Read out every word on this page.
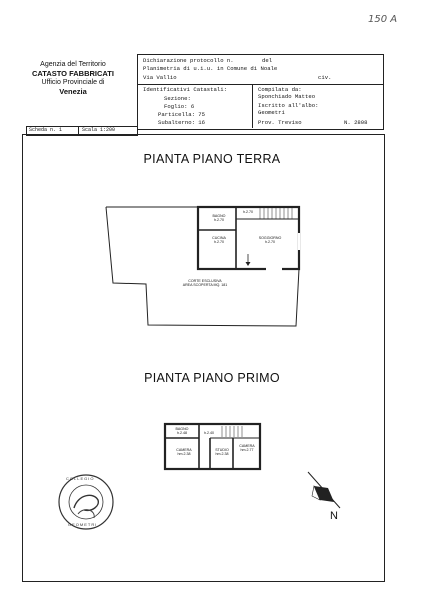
150 A
Agenzia del Territorio
CATASTO FABBRICATI
Ufficio Provinciale di
Venezia
Dichiarazione protocollo n.	del
Planimetria di u.i.u. in Comune di Noale
Via Vallio	civ.
Identificativi Catastali:
Sezione:
Foglio: 6
Particella: 75
Subalterno: 16
Compilata da:
Sponchiado Matteo
Iscritto all'albo:
Geometri
Prov. Treviso	N. 2808
Scheda n. 1	Scala 1:200
PIANTA PIANO TERRA
PIANTA PIANO PRIMO
BAGNO
h.2.70
h.2.70
CUCINA
h.2.70
SOGGIORNO
h.2.70
CORTE ESCLUSIVA
AREA SCOPERTA MQ. 181
BAGNO
h.2.48	h.2.40
CAMERA
hm.2.38
STUDIO
hm.2.38
CAMERA
hm.2.77
N
COLLEGIO
GEOMETRI
